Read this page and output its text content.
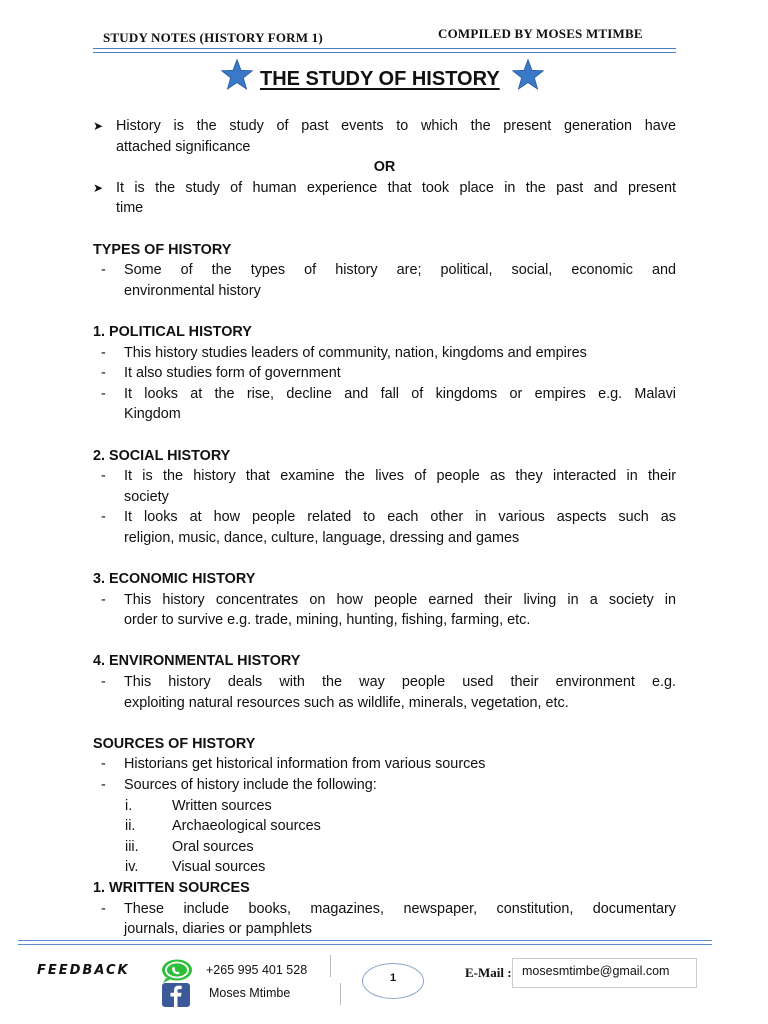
STUDY NOTES (HISTORY FORM 1)	COMPILED BY MOSES MTIMBE
THE STUDY OF HISTORY
➤ History is the study of past events to which the present generation have
attached significance
OR
➤ It is the study of human experience that took place in the past and present
time
TYPES OF HISTORY
-	Some of the types of history are; political, social, economic and
environmental history
1. POLITICAL HISTORY
-	This history studies leaders of community, nation, kingdoms and empires
-	It also studies form of government
-	It looks at the rise, decline and fall of kingdoms or empires e.g. Malavi
Kingdom
2. SOCIAL HISTORY
-	It is the history that examine the lives of people as they interacted in their
society
-	It looks at how people related to each other in various aspects such as
religion, music, dance, culture, language, dressing and games
3. ECONOMIC HISTORY
-	This history concentrates on how people earned their living in a society in
order to survive e.g. trade, mining, hunting, fishing, farming, etc.
4. ENVIRONMENTAL HISTORY
-	This history deals with the way people used their environment e.g.
exploiting natural resources such as wildlife, minerals, vegetation, etc.
SOURCES OF HISTORY
-	Historians get historical information from various sources
-	Sources of history include the following:
i.	Written sources
ii.	Archaeological sources
iii.	Oral sources
iv.	Visual sources
1. WRITTEN SOURCES
-	These include books, magazines, newspaper, constitution, documentary
journals, diaries or pamphlets
FEEDBACK	+265 995 401 528
Moses Mtimbe
1	E-Mail : mosesmtimbe@gmail.com
